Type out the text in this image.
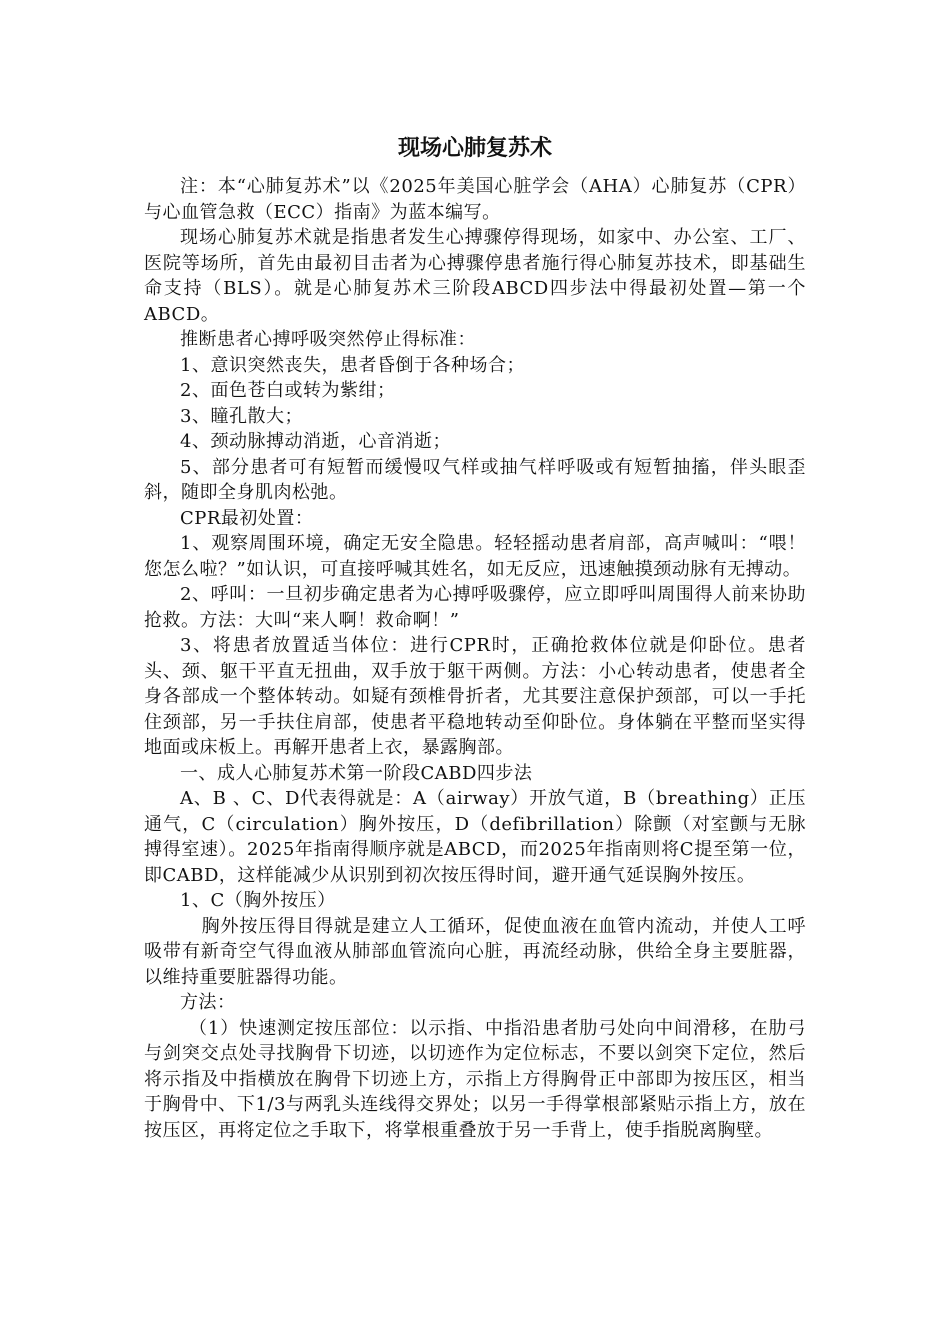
现场心肺复苏术

注：本“心肺复苏术”以《2025年美国心脏学会（AHA）心肺复苏（CPR）与心血管急救（ECC）指南》为蓝本编写。

现场心肺复苏术就是指患者发生心搏骤停得现场，如家中、办公室、工厂、医院等场所，首先由最初目击者为心搏骤停患者施行得心肺复苏技术，即基础生命支持（BLS）。就是心肺复苏术三阶段ABCD四步法中得最初处置—第一个ABCD。

推断患者心搏呼吸突然停止得标准：

1、意识突然丧失，患者昏倒于各种场合；

2、面色苍白或转为紫绀；

3、瞳孔散大；

4、颈动脉搏动消逝，心音消逝；

5、部分患者可有短暂而缓慢叹气样或抽气样呼吸或有短暂抽搐，伴头眼歪斜，随即全身肌肉松弛。

CPR最初处置：

1、观察周围环境，确定无安全隐患。轻轻摇动患者肩部，高声喊叫：“喂！您怎么啦？”如认识，可直接呼喊其姓名，如无反应，迅速触摸颈动脉有无搏动。

2、呼叫：一旦初步确定患者为心搏呼吸骤停，应立即呼叫周围得人前来协助抢救。方法：大叫“来人啊！救命啊！”

3、将患者放置适当体位：进行CPR时，正确抢救体位就是仰卧位。患者头、颈、躯干平直无扭曲，双手放于躯干两侧。方法：小心转动患者，使患者全身各部成一个整体转动。如疑有颈椎骨折者，尤其要注意保护颈部，可以一手托住颈部，另一手扶住肩部，使患者平稳地转动至仰卧位。身体躺在平整而坚实得地面或床板上。再解开患者上衣，暴露胸部。

一、成人心肺复苏术第一阶段CABD四步法

A、B 、C、D代表得就是：A（airway）开放气道，B（breathing）正压通气，C（circulation）胸外按压，D（defibrillation）除颤（对室颤与无脉搏得室速）。2025年指南得顺序就是ABCD，而2025年指南则将C提至第一位，即CABD，这样能减少从识别到初次按压得时间，避开通气延误胸外按压。

1、C（胸外按压）

胸外按压得目得就是建立人工循环，促使血液在血管内流动，并使人工呼吸带有新奇空气得血液从肺部血管流向心脏，再流经动脉，供给全身主要脏器，以维持重要脏器得功能。

方法：

（1）快速测定按压部位：以示指、中指沿患者肋弓处向中间滑移，在肋弓与剑突交点处寻找胸骨下切迹，以切迹作为定位标志，不要以剑突下定位，然后将示指及中指横放在胸骨下切迹上方，示指上方得胸骨正中部即为按压区，相当于胸骨中、下1/3与两乳头连线得交界处；以另一手得掌根部紧贴示指上方，放在按压区，再将定位之手取下，将掌根重叠放于另一手背上，使手指脱离胸壁。
